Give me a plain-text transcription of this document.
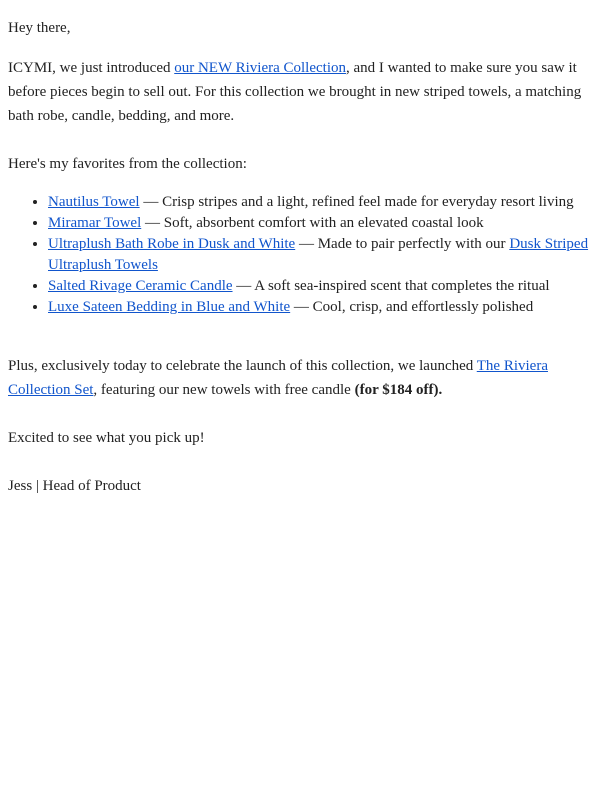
Hey there,

ICYMI, we just introduced our NEW Riviera Collection, and I wanted to make sure you saw it before pieces begin to sell out. For this collection we brought in new striped towels, a matching bath robe, candle, bedding, and more.

Here's my favorites from the collection:

• Nautilus Towel — Crisp stripes and a light, refined feel made for everyday resort living
• Miramar Towel — Soft, absorbent comfort with an elevated coastal look
• Ultraplush Bath Robe in Dusk and White — Made to pair perfectly with our Dusk Striped Ultraplush Towels
• Salted Rivage Ceramic Candle — A soft sea-inspired scent that completes the ritual
• Luxe Sateen Bedding in Blue and White — Cool, crisp, and effortlessly polished

Plus, exclusively today to celebrate the launch of this collection, we launched The Riviera Collection Set, featuring our new towels with free candle (for $184 off).

Excited to see what you pick up!

Jess | Head of Product
